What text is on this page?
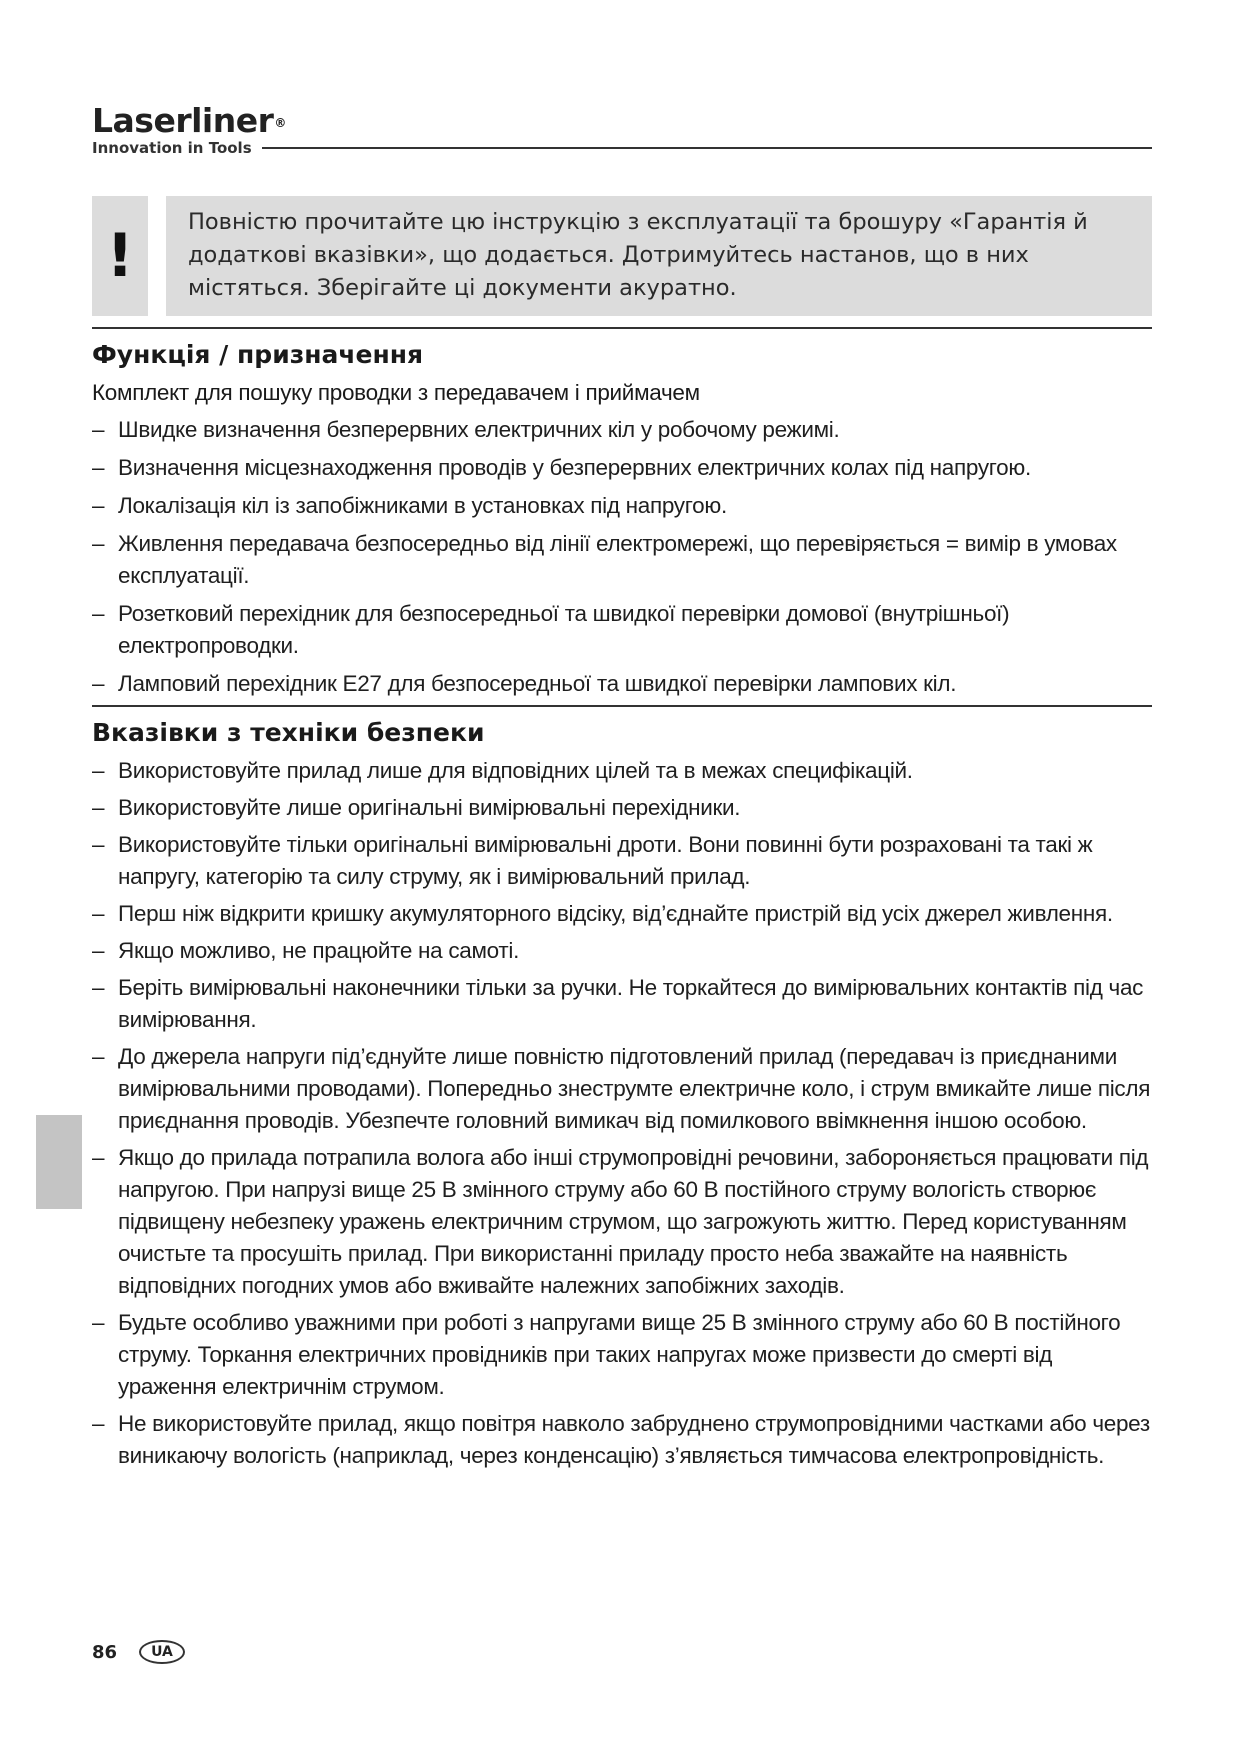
Laserliner®
Innovation in Tools
!	Повністю прочитайте цю інструкцію з експлуатації та брошуру «Гарантія й додаткові вказівки», що додається. Дотримуйтесь настанов, що в них містяться. Зберігайте ці документи акуратно.
Функція / призначення

Комплект для пошуку проводки з передавачем і приймачем

– Швидке визначення безперервних електричних кіл у робочому режимі.
– Визначення місцезнаходження проводів у безперервних електричних колах під напругою.
– Локалізація кіл із запобіжниками в установках під напругою.
– Живлення передавача безпосередньо від лінії електромережі, що перевіряється = вимір в умовах експлуатації.
– Розетковий перехідник для безпосередньої та швидкої перевірки домової (внутрішньої) електропроводки.
– Ламповий перехідник E27 для безпосередньої та швидкої перевірки лампових кіл.
Вказівки з техніки безпеки
– Використовуйте прилад лише для відповідних цілей та в межах специфікацій.
– Використовуйте лише оригінальні вимірювальні перехідники.
– Використовуйте тільки оригінальні вимірювальні дроти. Вони повинні бути розраховані та такі ж напругу, категорію та силу струму, як і вимірювальний прилад.
– Перш ніж відкрити кришку акумуляторного відсіку, від’єднайте пристрій від усіх джерел живлення.
– Якщо можливо, не працюйте на самоті.
– Беріть вимірювальні наконечники тільки за ручки. Не торкайтеся до вимірювальних контактів під час вимірювання.
– До джерела напруги під’єднуйте лише повністю підготовлений прилад (передавач із приєднаними вимірювальними проводами). Попередньо знеструмте електричне коло, і струм вмикайте лише після приєднання проводів. Убезпечте головний вимикач від помилкового ввімкнення іншою особою.
– Якщо до прилада потрапила волога або інші струмопровідні речовини, забороняється працювати під напругою. При напрузі вище 25 В змінного струму або 60 В постійного струму вологість створює підвищену небезпеку уражень електричним струмом, що загрожують життю. Перед користуванням очистьте та просушіть прилад. При використанні приладу просто неба зважайте на наявність відповідних погодних умов або вживайте належних запобіжних заходів.
– Будьте особливо уважними при роботі з напругами вище 25 В змінного струму або 60 В постійного струму. Торкання електричних провідників при таких напругах може призвести до смерті від ураження електричнім струмом.
– Не використовуйте прилад, якщо повітря навколо забруднено струмопровідними частками або через виникаючу вологість (наприклад, через конденсацію) з’являється тимчасова електропровідність.
86	UA
